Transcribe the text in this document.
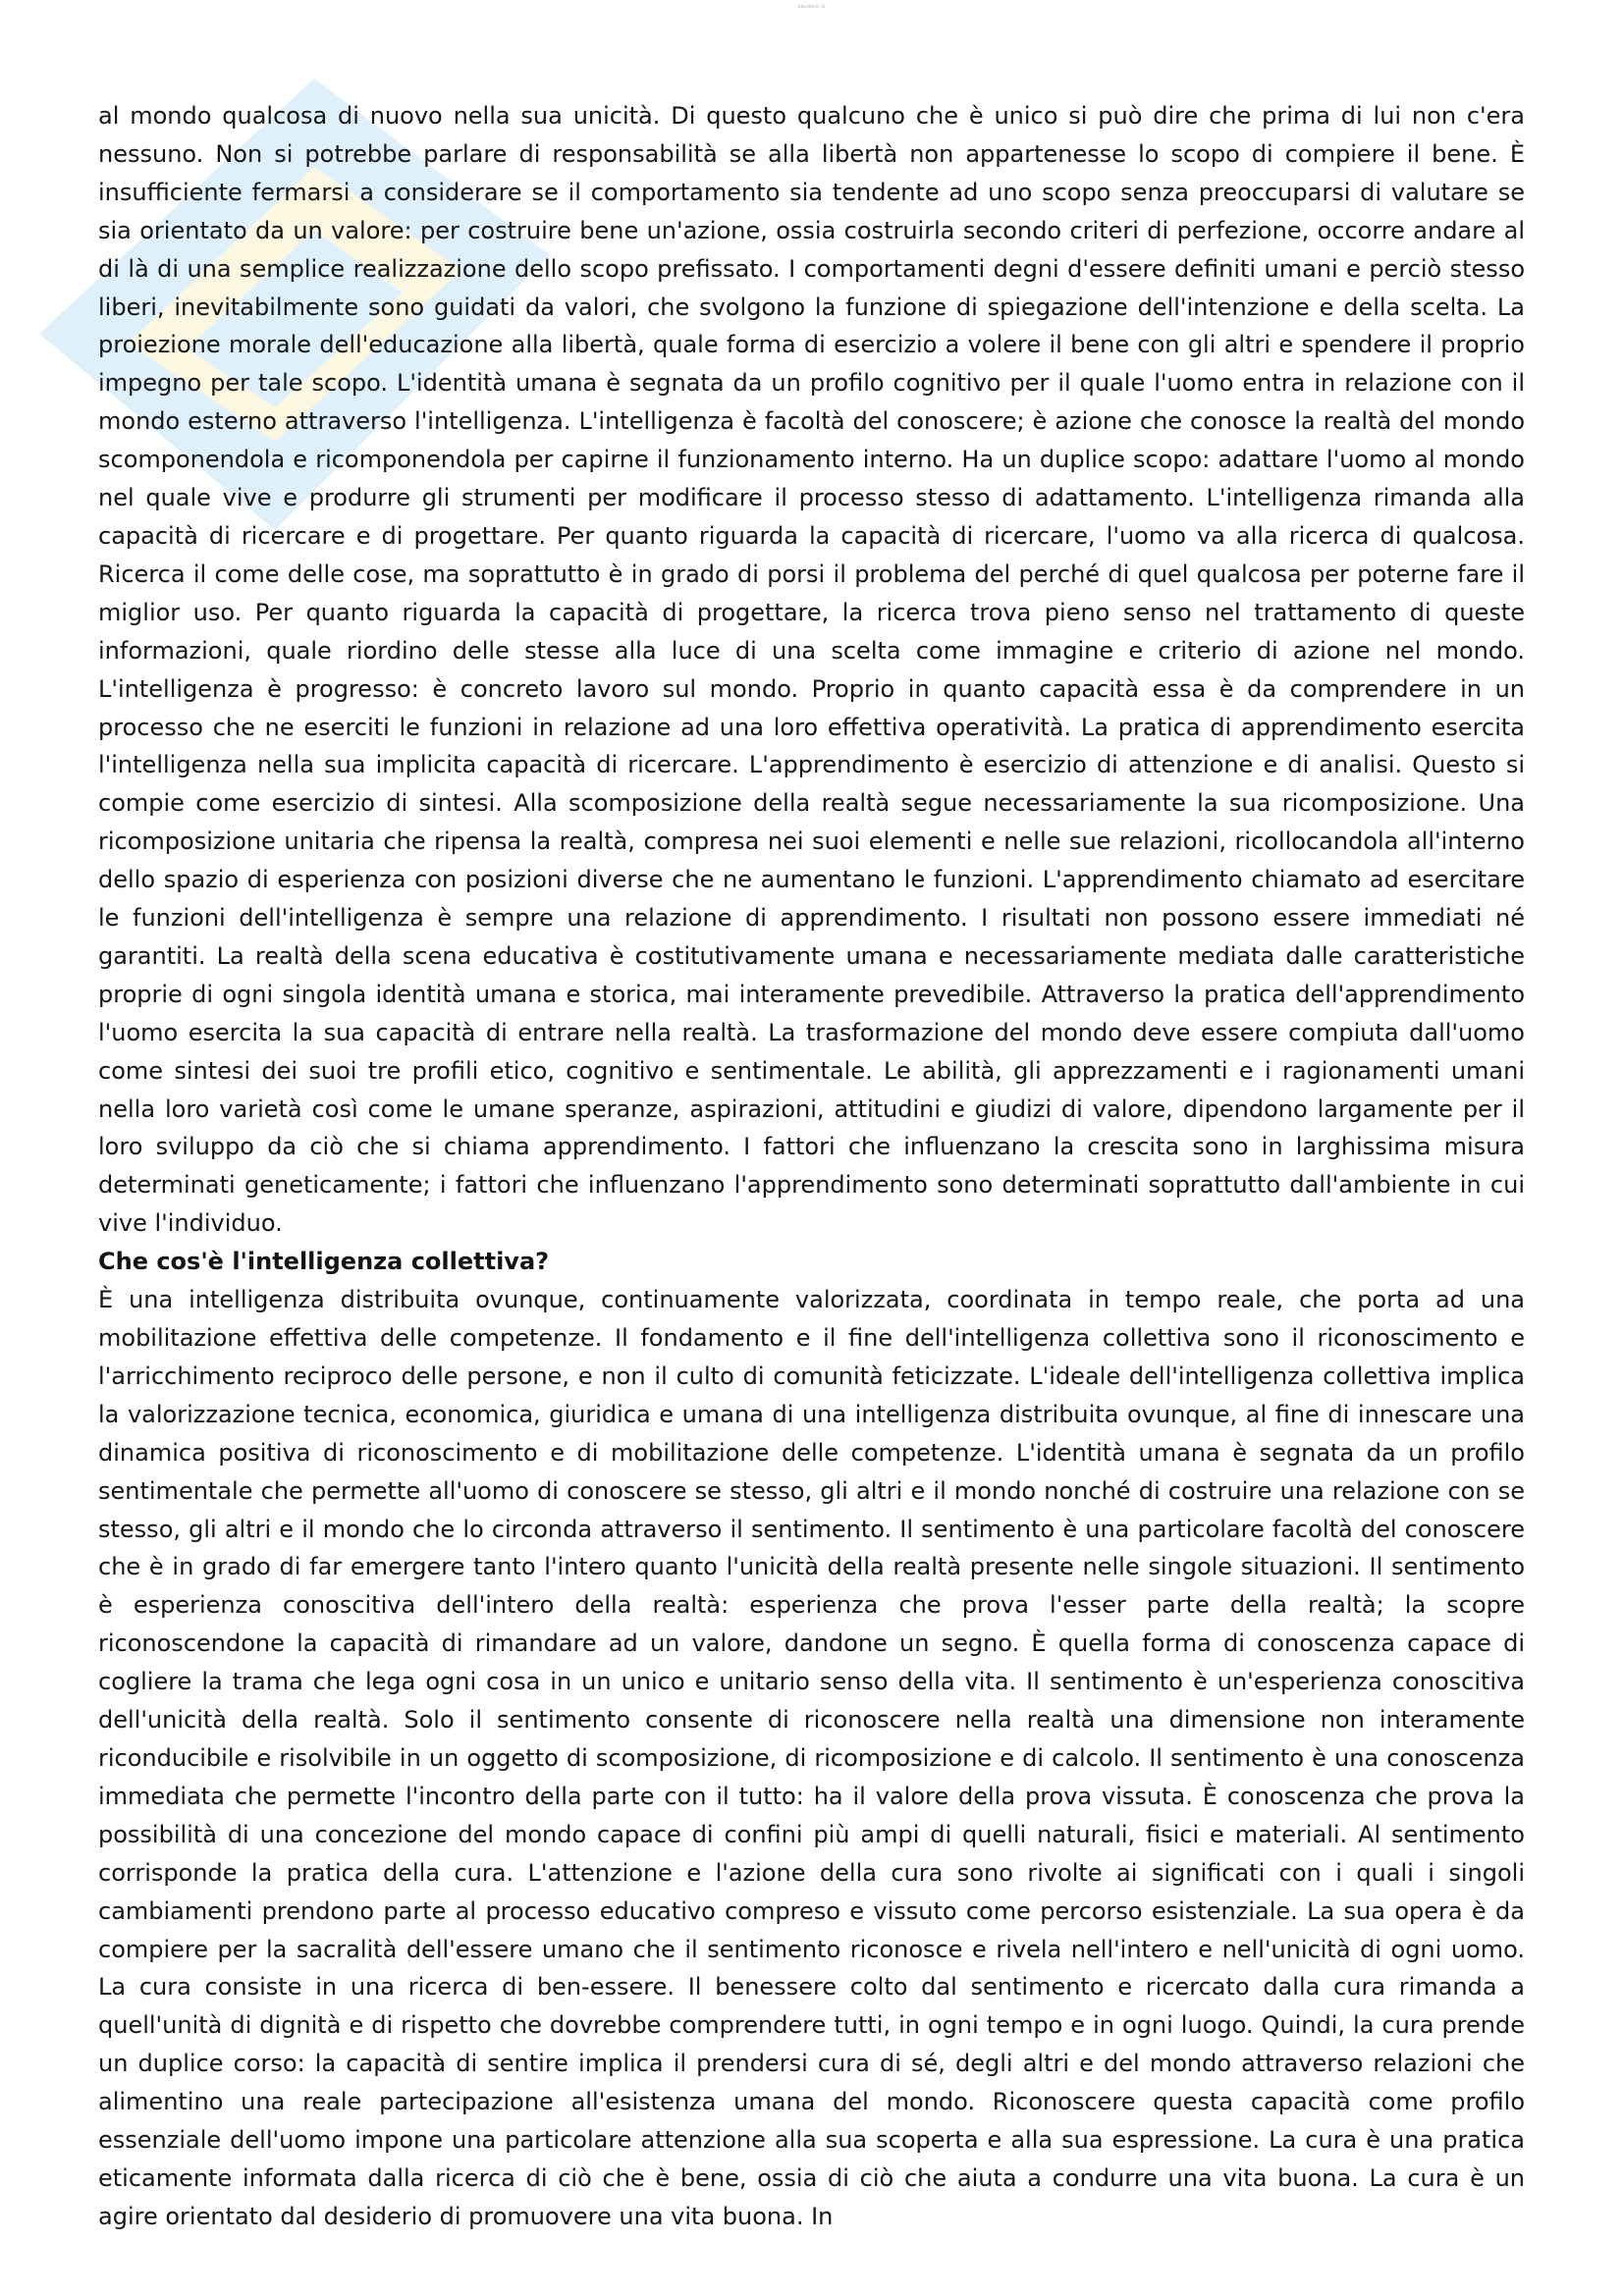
ditudenti.it

al mondo qualcosa di nuovo nella sua unicità. Di questo qualcuno che è unico si può dire che prima di lui non c'era nessuno. Non si potrebbe parlare di responsabilità se alla libertà non appartenesse lo scopo di compiere il bene. È insufficiente fermarsi a considerare se il comportamento sia tendente ad uno scopo senza preoccuparsi di valutare se sia orientato da un valore: per costruire bene un'azione, ossia costruirla secondo criteri di perfezione, occorre andare al di là di una semplice realizzazione dello scopo prefissato. I comportamenti degni d'essere definiti umani e perciò stesso liberi, inevitabilmente sono guidati da valori, che svolgono la funzione di spiegazione dell'intenzione e della scelta. La proiezione morale dell'educazione alla libertà, quale forma di esercizio a volere il bene con gli altri e spendere il proprio impegno per tale scopo. L'identità umana è segnata da un profilo cognitivo per il quale l'uomo entra in relazione con il mondo esterno attraverso l'intelligenza. L'intelligenza è facoltà del conoscere; è azione che conosce la realtà del mondo scomponendola e ricomponendola per capirne il funzionamento interno. Ha un duplice scopo: adattare l'uomo al mondo nel quale vive e produrre gli strumenti per modificare il processo stesso di adattamento. L'intelligenza rimanda alla capacità di ricercare e di progettare. Per quanto riguarda la capacità di ricercare, l'uomo va alla ricerca di qualcosa. Ricerca il come delle cose, ma soprattutto è in grado di porsi il problema del perché di quel qualcosa per poterne fare il miglior uso. Per quanto riguarda la capacità di progettare, la ricerca trova pieno senso nel trattamento di queste informazioni, quale riordino delle stesse alla luce di una scelta come immagine e criterio di azione nel mondo. L'intelligenza è progresso: è concreto lavoro sul mondo. Proprio in quanto capacità essa è da comprendere in un processo che ne eserciti le funzioni in relazione ad una loro effettiva operatività. La pratica di apprendimento esercita l'intelligenza nella sua implicita capacità di ricercare. L'apprendimento è esercizio di attenzione e di analisi. Questo si compie come esercizio di sintesi. Alla scomposizione della realtà segue necessariamente la sua ricomposizione. Una ricomposizione unitaria che ripensa la realtà, compresa nei suoi elementi e nelle sue relazioni, ricollocandola all'interno dello spazio di esperienza con posizioni diverse che ne aumentano le funzioni. L'apprendimento chiamato ad esercitare le funzioni dell'intelligenza è sempre una relazione di apprendimento. I risultati non possono essere immediati né garantiti. La realtà della scena educativa è costitutivamente umana e necessariamente mediata dalle caratteristiche proprie di ogni singola identità umana e storica, mai interamente prevedibile. Attraverso la pratica dell'apprendimento l'uomo esercita la sua capacità di entrare nella realtà. La trasformazione del mondo deve essere compiuta dall'uomo come sintesi dei suoi tre profili etico, cognitivo e sentimentale. Le abilità, gli apprezzamenti e i ragionamenti umani nella loro varietà così come le umane speranze, aspirazioni, attitudini e giudizi di valore, dipendono largamente per il loro sviluppo da ciò che si chiama apprendimento. I fattori che influenzano la crescita sono in larghissima misura determinati geneticamente; i fattori che influenzano l'apprendimento sono determinati soprattutto dall'ambiente in cui vive l'individuo.

Che cos'è l'intelligenza collettiva?

È una intelligenza distribuita ovunque, continuamente valorizzata, coordinata in tempo reale, che porta ad una mobilitazione effettiva delle competenze. Il fondamento e il fine dell'intelligenza collettiva sono il riconoscimento e l'arricchimento reciproco delle persone, e non il culto di comunità feticizzate. L'ideale dell'intelligenza collettiva implica la valorizzazione tecnica, economica, giuridica e umana di una intelligenza distribuita ovunque, al fine di innescare una dinamica positiva di riconoscimento e di mobilitazione delle competenze. L'identità umana è segnata da un profilo sentimentale che permette all'uomo di conoscere se stesso, gli altri e il mondo nonché di costruire una relazione con se stesso, gli altri e il mondo che lo circonda attraverso il sentimento. Il sentimento è una particolare facoltà del conoscere che è in grado di far emergere tanto l'intero quanto l'unicità della realtà presente nelle singole situazioni. Il sentimento è esperienza conoscitiva dell'intero della realtà: esperienza che prova l'esser parte della realtà; la scopre riconoscendone la capacità di rimandare ad un valore, dandone un segno. È quella forma di conoscenza capace di cogliere la trama che lega ogni cosa in un unico e unitario senso della vita. Il sentimento è un'esperienza conoscitiva dell'unicità della realtà. Solo il sentimento consente di riconoscere nella realtà una dimensione non interamente riconducibile e risolvibile in un oggetto di scomposizione, di ricomposizione e di calcolo. Il sentimento è una conoscenza immediata che permette l'incontro della parte con il tutto: ha il valore della prova vissuta. È conoscenza che prova la possibilità di una concezione del mondo capace di confini più ampi di quelli naturali, fisici e materiali. Al sentimento corrisponde la pratica della cura. L'attenzione e l'azione della cura sono rivolte ai significati con i quali i singoli cambiamenti prendono parte al processo educativo compreso e vissuto come percorso esistenziale. La sua opera è da compiere per la sacralità dell'essere umano che il sentimento riconosce e rivela nell'intero e nell'unicità di ogni uomo. La cura consiste in una ricerca di ben-essere. Il benessere colto dal sentimento e ricercato dalla cura rimanda a quell'unità di dignità e di rispetto che dovrebbe comprendere tutti, in ogni tempo e in ogni luogo. Quindi, la cura prende un duplice corso: la capacità di sentire implica il prendersi cura di sé, degli altri e del mondo attraverso relazioni che alimentino una reale partecipazione all'esistenza umana del mondo. Riconoscere questa capacità come profilo essenziale dell'uomo impone una particolare attenzione alla sua scoperta e alla sua espressione. La cura è una pratica eticamente informata dalla ricerca di ciò che è bene, ossia di ciò che aiuta a condurre una vita buona. La cura è un agire orientato dal desiderio di promuovere una vita buona. In
